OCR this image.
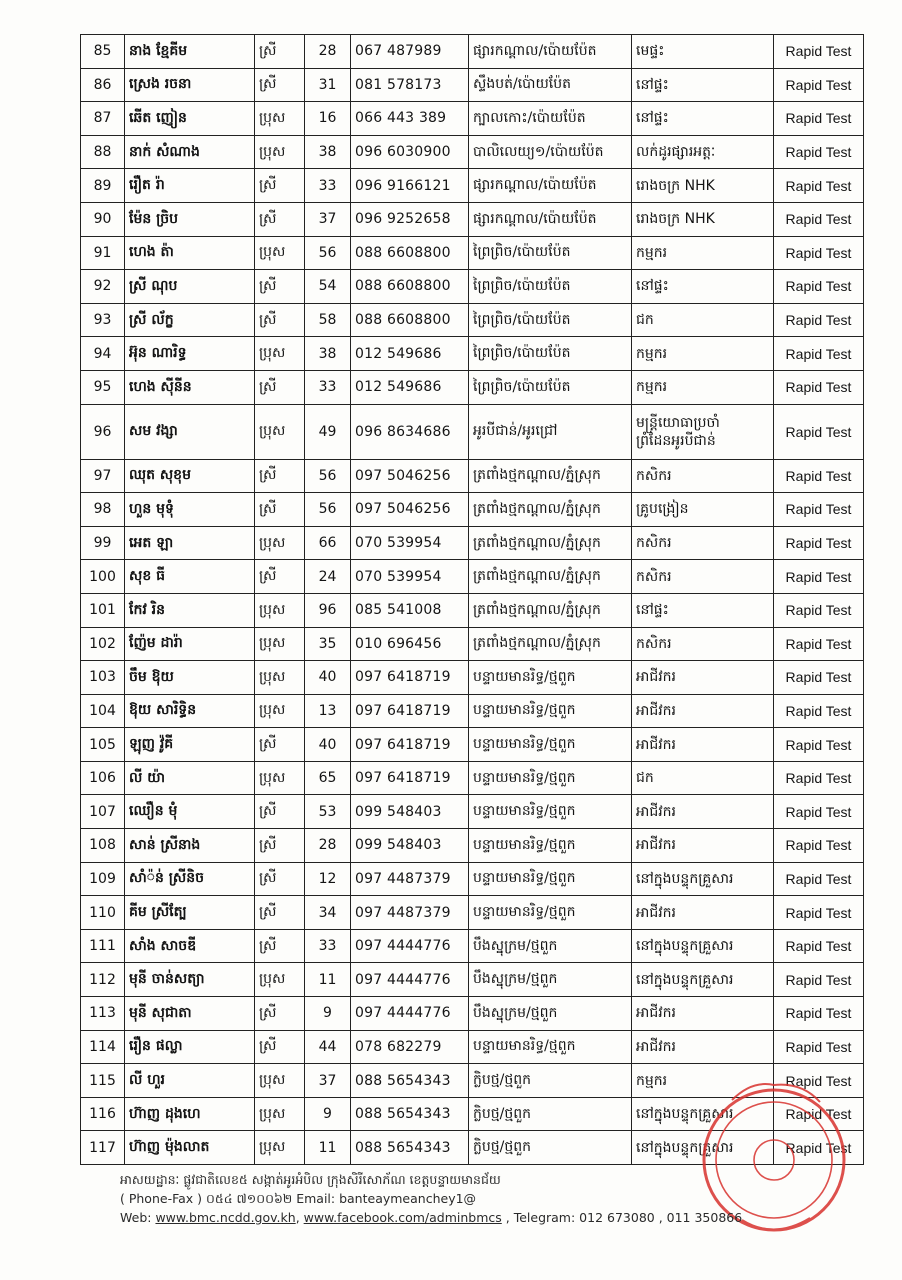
85	នាង ខ្មែគីម	ស្រី	28	067 487989	ផ្សារកណ្តាល/ប៉ោយប៉ែត	មេផ្ទះ	Rapid Test
86	ស្រេង រចនា	ស្រី	31	081 578173	ស្ទឹងបត់/ប៉ោយប៉ែត	នៅផ្ទះ	Rapid Test
87	ឆើត ញៀន	ប្រុស	16	066 443 389	ក្បាលកោះ/ប៉ោយប៉ែត	នៅផ្ទះ	Rapid Test
88	នាក់ សំណាង	ប្រុស	38	096 6030900	បាលិលេយ្យ១/ប៉ោយប៉ែត	លក់ដូរផ្សារអត្តៈ	Rapid Test
89	រឿត រ៉ា	ស្រី	33	096 9166121	ផ្សារកណ្តាល/ប៉ោយប៉ែត	រោងចក្រ NHK	Rapid Test
90	ម៉ែន ច្រិប	ស្រី	37	096 9252658	ផ្សារកណ្តាល/ប៉ោយប៉ែត	រោងចក្រ NHK	Rapid Test
91	ហេង ត៉ា	ប្រុស	56	088 6608800	ព្រៃព្រិច/ប៉ោយប៉ែត	កម្មករ	Rapid Test
92	ស្រី ណុប	ស្រី	54	088 6608800	ព្រៃព្រិច/ប៉ោយប៉ែត	នៅផ្ទះ	Rapid Test
93	ស្រី ល័ក្ខ	ស្រី	58	088 6608800	ព្រៃព្រិច/ប៉ោយប៉ែត	ជក	Rapid Test
94	អ៊ុន ណារិទ្ធ	ប្រុស	38	012 549686	ព្រៃព្រិច/ប៉ោយប៉ែត	កម្មករ	Rapid Test
95	ហេង ស៊ីនីន	ស្រី	33	012 549686	ព្រៃព្រិច/ប៉ោយប៉ែត	កម្មករ	Rapid Test
96	សម វង្សា	ប្រុស	49	096 8634686	អូរបីជាន់/អូរជ្រៅ	មន្ត្រីយោធាប្រចាំព្រំដែនអូរបីជាន់	Rapid Test
97	ឈុត សុខុម	ស្រី	56	097 5046256	ត្រពាំងថ្មកណ្តាល/ភ្នំស្រុក	កសិករ	Rapid Test
98	ហួន មុទុំ	ស្រី	56	097 5046256	ត្រពាំងថ្មកណ្តាល/ភ្នំស្រុក	គ្រូបង្រៀន	Rapid Test
99	អេត ឡា	ប្រុស	66	070 539954	ត្រពាំងថ្មកណ្តាល/ភ្នំស្រុក	កសិករ	Rapid Test
100	សុខ ធី	ស្រី	24	070 539954	ត្រពាំងថ្មកណ្តាល/ភ្នំស្រុក	កសិករ	Rapid Test
101	កែវ រិន	ប្រុស	96	085 541008	ត្រពាំងថ្មកណ្តាល/ភ្នំស្រុក	នៅផ្ទះ	Rapid Test
102	ញ៉ែម ដារ៉ា	ប្រុស	35	010 696456	ត្រពាំងថ្មកណ្តាល/ភ្នំស្រុក	កសិករ	Rapid Test
103	ចឹម ឱុយ	ប្រុស	40	097 6418719	បន្ទាយមានរិទ្ធ/ថ្មពួក	អាជីវករ	Rapid Test
104	ឱុយ សារិទ្ធិន	ប្រុស	13	097 6418719	បន្ទាយមានរិទ្ធ/ថ្មពួក	អាជីវករ	Rapid Test
105	ឡុញ វ៉ូគី	ស្រី	40	097 6418719	បន្ទាយមានរិទ្ធ/ថ្មពួក	អាជីវករ	Rapid Test
106	លី យ៉ា	ប្រុស	65	097 6418719	បន្ទាយមានរិទ្ធ/ថ្មពួក	ជក	Rapid Test
107	ឈឿន មុំ	ស្រី	53	099 548403	បន្ទាយមានរិទ្ធ/ថ្មពួក	អាជីវករ	Rapid Test
108	សាន់ ស្រីនាង	ស្រី	28	099 548403	បន្ទាយមានរិទ្ធ/ថ្មពួក	អាជីវករ	Rapid Test
109	សាំ៉ន់ ស្រីនិច	ស្រី	12	097 4487379	បន្ទាយមានរិទ្ធ/ថ្មពួក	នៅក្នុងបន្ទុកគ្រួសារ	Rapid Test
110	គីម ស្រីត្បែ	ស្រី	34	097 4487379	បន្ទាយមានរិទ្ធ/ថ្មពួក	អាជីវករ	Rapid Test
111	សាំង សាចឌី	ស្រី	33	097 4444776	បឹងស្នុក្រម/ថ្មពួក	នៅក្នុងបន្ទុកគ្រួសារ	Rapid Test
112	មុនី ចាន់សត្យា	ប្រុស	11	097 4444776	បឹងស្នុក្រម/ថ្មពួក	នៅក្នុងបន្ទុកគ្រួសារ	Rapid Test
113	មុនី សុជាតា	ស្រី	9	097 4444776	បឹងស្នុក្រម/ថ្មពួក	អាជីវករ	Rapid Test
114	រឿន ផល្លា	ស្រី	44	078 682279	បន្ទាយមានរិទ្ធ/ថ្មពួក	អាជីវករ	Rapid Test
115	លី ហួរ	ប្រុស	37	088 5654343	ក្លិបថ្ម/ថ្មពួក	កម្មករ	Rapid Test
116	ហ៊ាញ ដុងហេ	ប្រុស	9	088 5654343	ក្លិបថ្ម/ថ្មពួក	នៅក្នុងបន្ទុកគ្រួសារ	Rapid Test
117	ហ៊ាញ ម៉ុងលាត	ប្រុស	11	088 5654343	ក្លិបថ្ម/ថ្មពួក	នៅក្នុងបន្ទុកគ្រួសារ	Rapid Test
អាសយដ្ឋានៈ ផ្លូវជាតិលេខ៥ សង្កាត់អូរអំបិល ក្រុងសិរីសោភ័ណ ខេត្តបន្ទាយមានជ័យ
( Phone-Fax ) ០៥៤ ៧១០០៦២ Email: banteaymeanchey1@
Web: www.bmc.ncdd.gov.kh, www.facebook.com/adminbmcs , Telegram: 012 673080 , 011 350866
